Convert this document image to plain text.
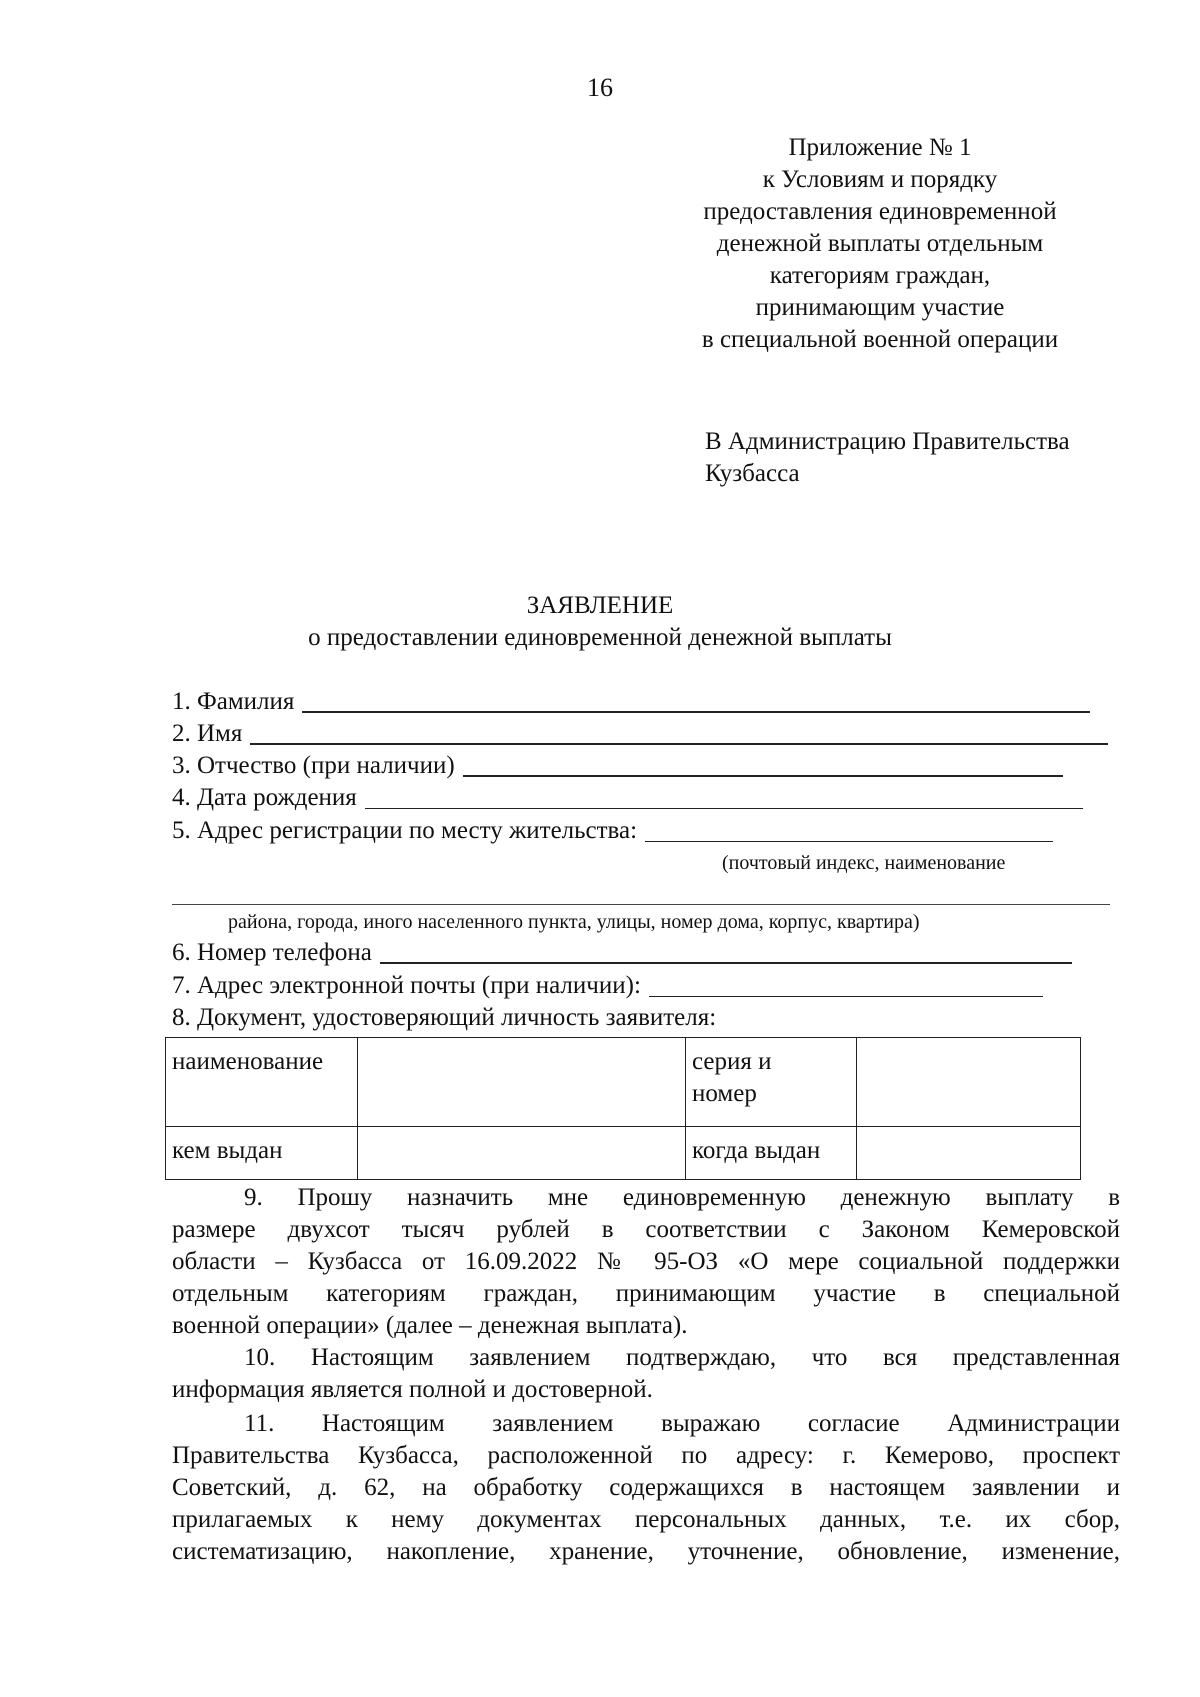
16
Приложение № 1
к Условиям и порядку
предоставления единовременной
денежной выплаты отдельным
категориям граждан,
принимающим участие
в специальной военной операции
В Администрацию Правительства
Кузбасса
ЗАЯВЛЕНИЕ
о предоставлении единовременной денежной выплаты
1. Фамилия
2. Имя
3. Отчество (при наличии)
4. Дата рождения
5. Адрес регистрации по месту жительства:
(почтовый индекс, наименование
района, города, иного населенного пункта, улицы, номер дома, корпус, квартира)
6. Номер телефона
7. Адрес электронной почты (при наличии):
8. Документ, удостоверяющий личность заявителя:
наименование		серия и
номер	

кем выдан		когда выдан	
9. Прошу назначить мне единовременную денежную выплату в
размере двухсот тысяч рублей в соответствии с Законом Кемеровской
области – Кузбасса от 16.09.2022 № 95-ОЗ «О мере социальной поддержки
отдельным категориям граждан, принимающим участие в специальной
военной операции» (далее – денежная выплата).
10. Настоящим заявлением подтверждаю, что вся представленная
информация является полной и достоверной.
11. Настоящим заявлением выражаю согласие Администрации
Правительства Кузбасса, расположенной по адресу: г. Кемерово, проспект
Советский, д. 62, на обработку содержащихся в настоящем заявлении и
прилагаемых к нему документах персональных данных, т.е. их сбор,
систематизацию, накопление, хранение, уточнение, обновление, изменение,
